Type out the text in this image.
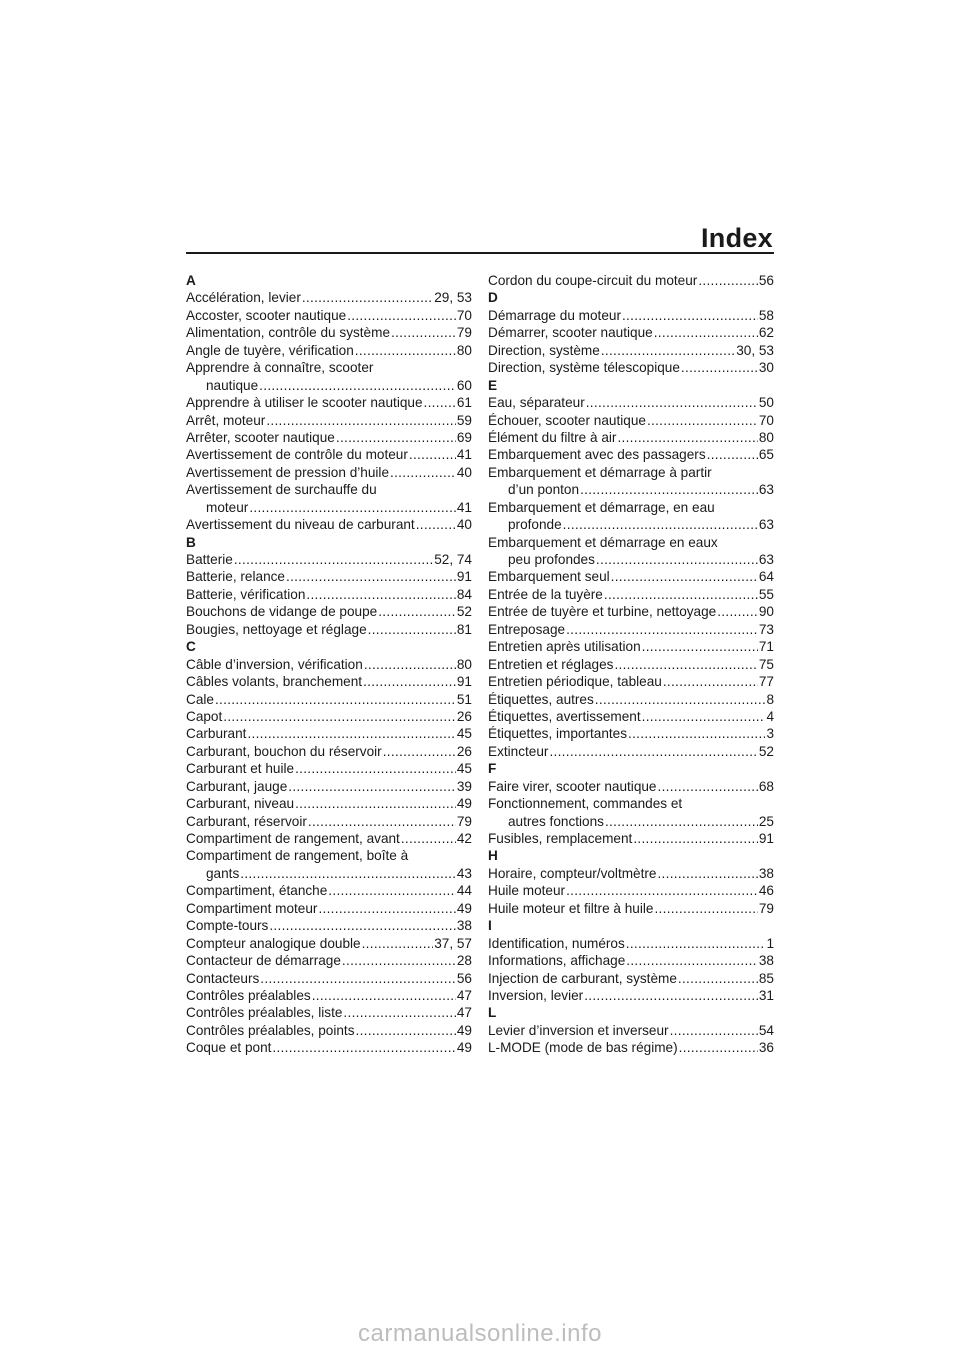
Index
A
Accélération, levier .....	29, 53
Accoster, scooter nautique .....	70
Alimentation, contrôle du système .....	79
Angle de tuyère, vérification .....	80
Apprendre à connaître, scooter
nautique .....	60
Apprendre à utiliser le scooter nautique .....	61
Arrêt, moteur .....	59
Arrêter, scooter nautique .....	69
Avertissement de contrôle du moteur .....	41
Avertissement de pression d’huile .....	40
Avertissement de surchauffe du
moteur .....	41
Avertissement du niveau de carburant .....	40
B
Batterie .....	52, 74
Batterie, relance .....	91
Batterie, vérification .....	84
Bouchons de vidange de poupe .....	52
Bougies, nettoyage et réglage .....	81
C
Câble d’inversion, vérification .....	80
Câbles volants, branchement .....	91
Cale .....	51
Capot .....	26
Carburant .....	45
Carburant, bouchon du réservoir .....	26
Carburant et huile .....	45
Carburant, jauge .....	39
Carburant, niveau .....	49
Carburant, réservoir .....	79
Compartiment de rangement, avant .....	42
Compartiment de rangement, boîte à
gants .....	43
Compartiment, étanche .....	44
Compartiment moteur .....	49
Compte-tours .....	38
Compteur analogique double .....	37, 57
Contacteur de démarrage .....	28
Contacteurs .....	56
Contrôles préalables .....	47
Contrôles préalables, liste .....	47
Contrôles préalables, points .....	49
Coque et pont .....	49
Cordon du coupe-circuit du moteur .....	56
D
Démarrage du moteur .....	58
Démarrer, scooter nautique .....	62
Direction, système .....	30, 53
Direction, système télescopique .....	30
E
Eau, séparateur .....	50
Échouer, scooter nautique .....	70
Élément du filtre à air .....	80
Embarquement avec des passagers .....	65
Embarquement et démarrage à partir
d’un ponton .....	63
Embarquement et démarrage, en eau
profonde .....	63
Embarquement et démarrage en eaux
peu profondes .....	63
Embarquement seul .....	64
Entrée de la tuyère .....	55
Entrée de tuyère et turbine, nettoyage .....	90
Entreposage .....	73
Entretien après utilisation .....	71
Entretien et réglages .....	75
Entretien périodique, tableau .....	77
Étiquettes, autres .....	8
Étiquettes, avertissement .....	4
Étiquettes, importantes .....	3
Extincteur .....	52
F
Faire virer, scooter nautique .....	68
Fonctionnement, commandes et
autres fonctions .....	25
Fusibles, remplacement .....	91
H
Horaire, compteur/voltmètre .....	38
Huile moteur .....	46
Huile moteur et filtre à huile .....	79
I
Identification, numéros .....	1
Informations, affichage .....	38
Injection de carburant, système .....	85
Inversion, levier .....	31
L
Levier d’inversion et inverseur .....	54
L-MODE (mode de bas régime) .....	36
carmanualsonline.info
